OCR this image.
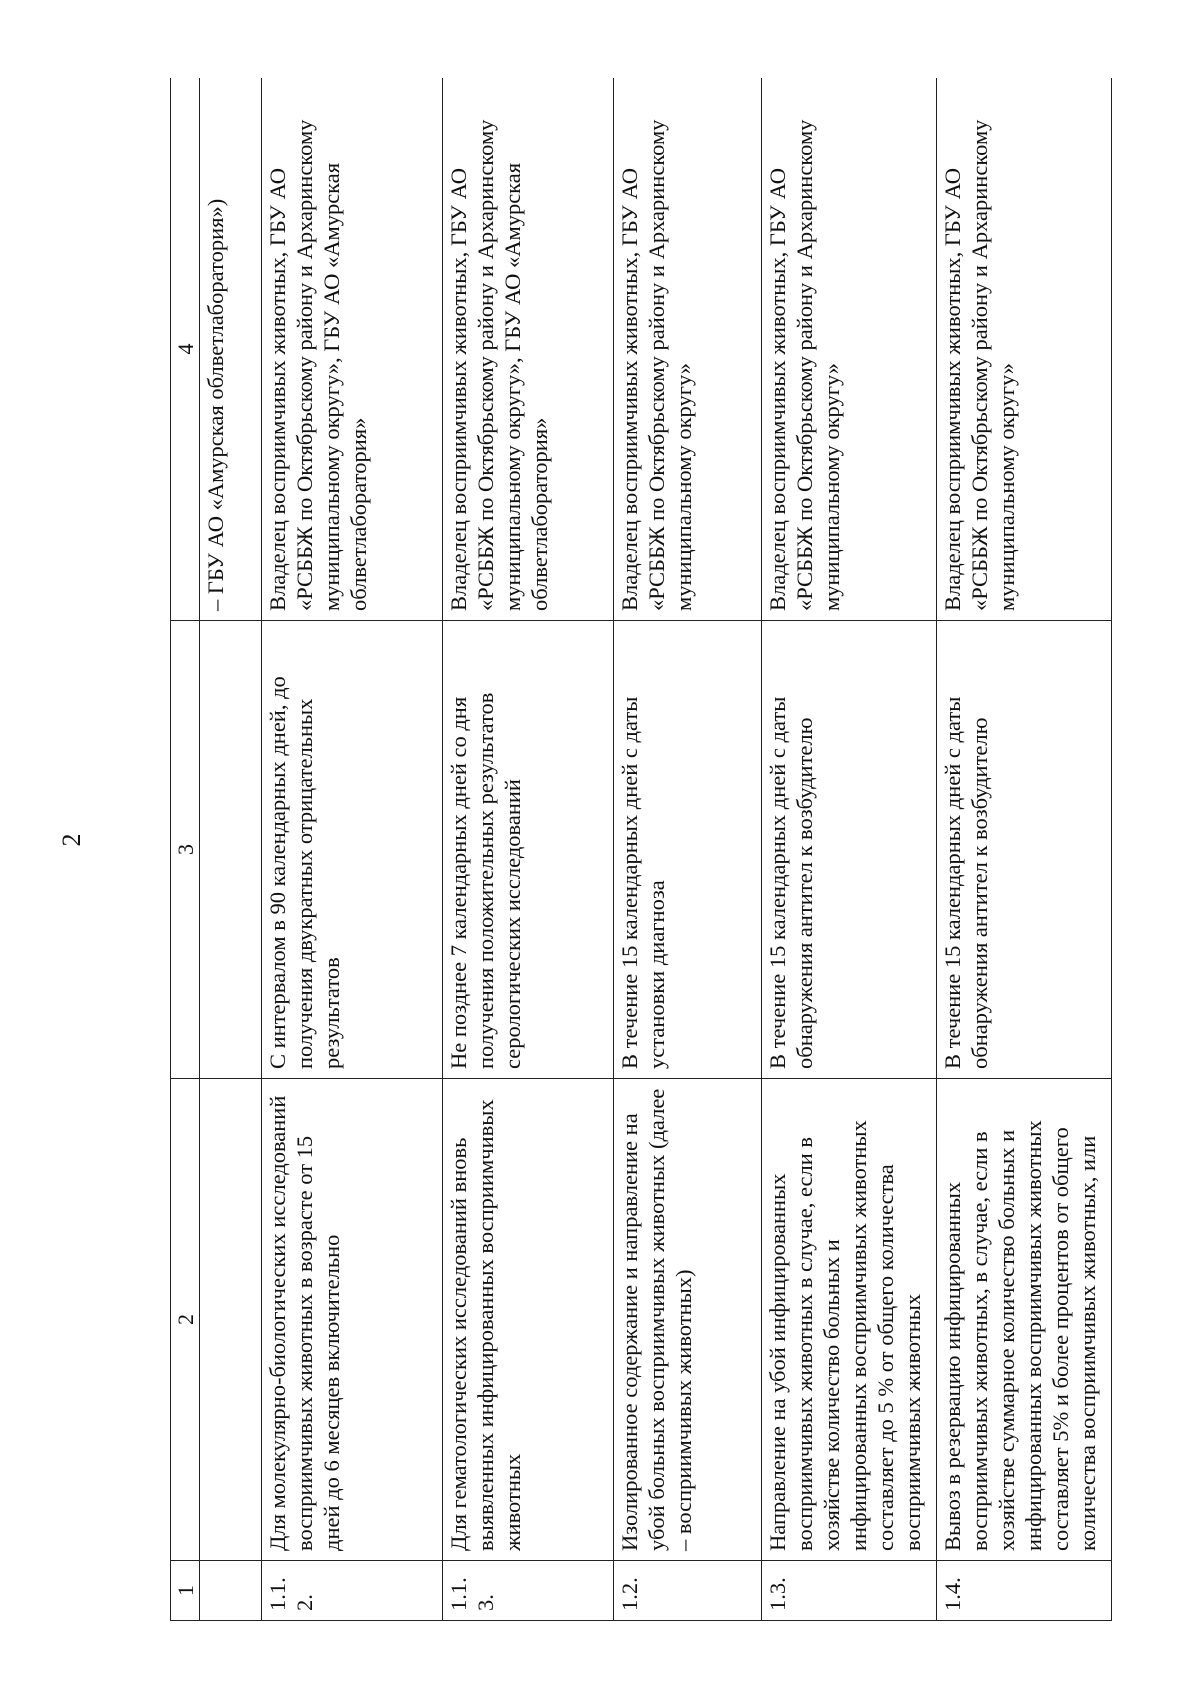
2
1	2	3	4
			– ГБУ АО «Амурская облветлаборатория»)
1.1.2.	Для молекулярно-биологических исследований восприимчивых животных в возрасте от 15 дней до 6 месяцев включительно	С интервалом в 90 календарных дней, до получения двукратных отрицательных результатов	Владелец восприимчивых животных, ГБУ АО «РСББЖ по Октябрьскому району и Архаринскому муниципальному округу», ГБУ АО «Амурская облветлаборатория»
1.1.3.	Для гематологических исследований вновь выявленных инфицированных восприимчивых животных	Не позднее 7 календарных дней со дня получения положительных результатов серологических исследований	Владелец восприимчивых животных, ГБУ АО «РСББЖ по Октябрьскому району и Архаринскому муниципальному округу», ГБУ АО «Амурская облветлаборатория»
1.2.	Изолированное содержание и направление на убой больных восприимчивых животных (далее – восприимчивых животных)	В течение 15 календарных дней с даты установки диагноза	Владелец восприимчивых животных, ГБУ АО «РСББЖ по Октябрьскому району и Архаринскому муниципальному округу»
1.3.	Направление на убой инфицированных восприимчивых животных в случае, если в хозяйстве количество больных и инфицированных восприимчивых животных составляет до 5 % от общего количества восприимчивых животных	В течение 15 календарных дней с даты обнаружения антител к возбудителю	Владелец восприимчивых животных, ГБУ АО «РСББЖ по Октябрьскому району и Архаринскому муниципальному округу»
1.4.	Вывоз в резервацию инфицированных восприимчивых животных, в случае, если в хозяйстве суммарное количество больных и инфицированных восприимчивых животных составляет 5% и более процентов от общего количества восприимчивых животных, или	В течение 15 календарных дней с даты обнаружения антител к возбудителю	Владелец восприимчивых животных, ГБУ АО «РСББЖ по Октябрьскому району и Архаринскому муниципальному округу»
